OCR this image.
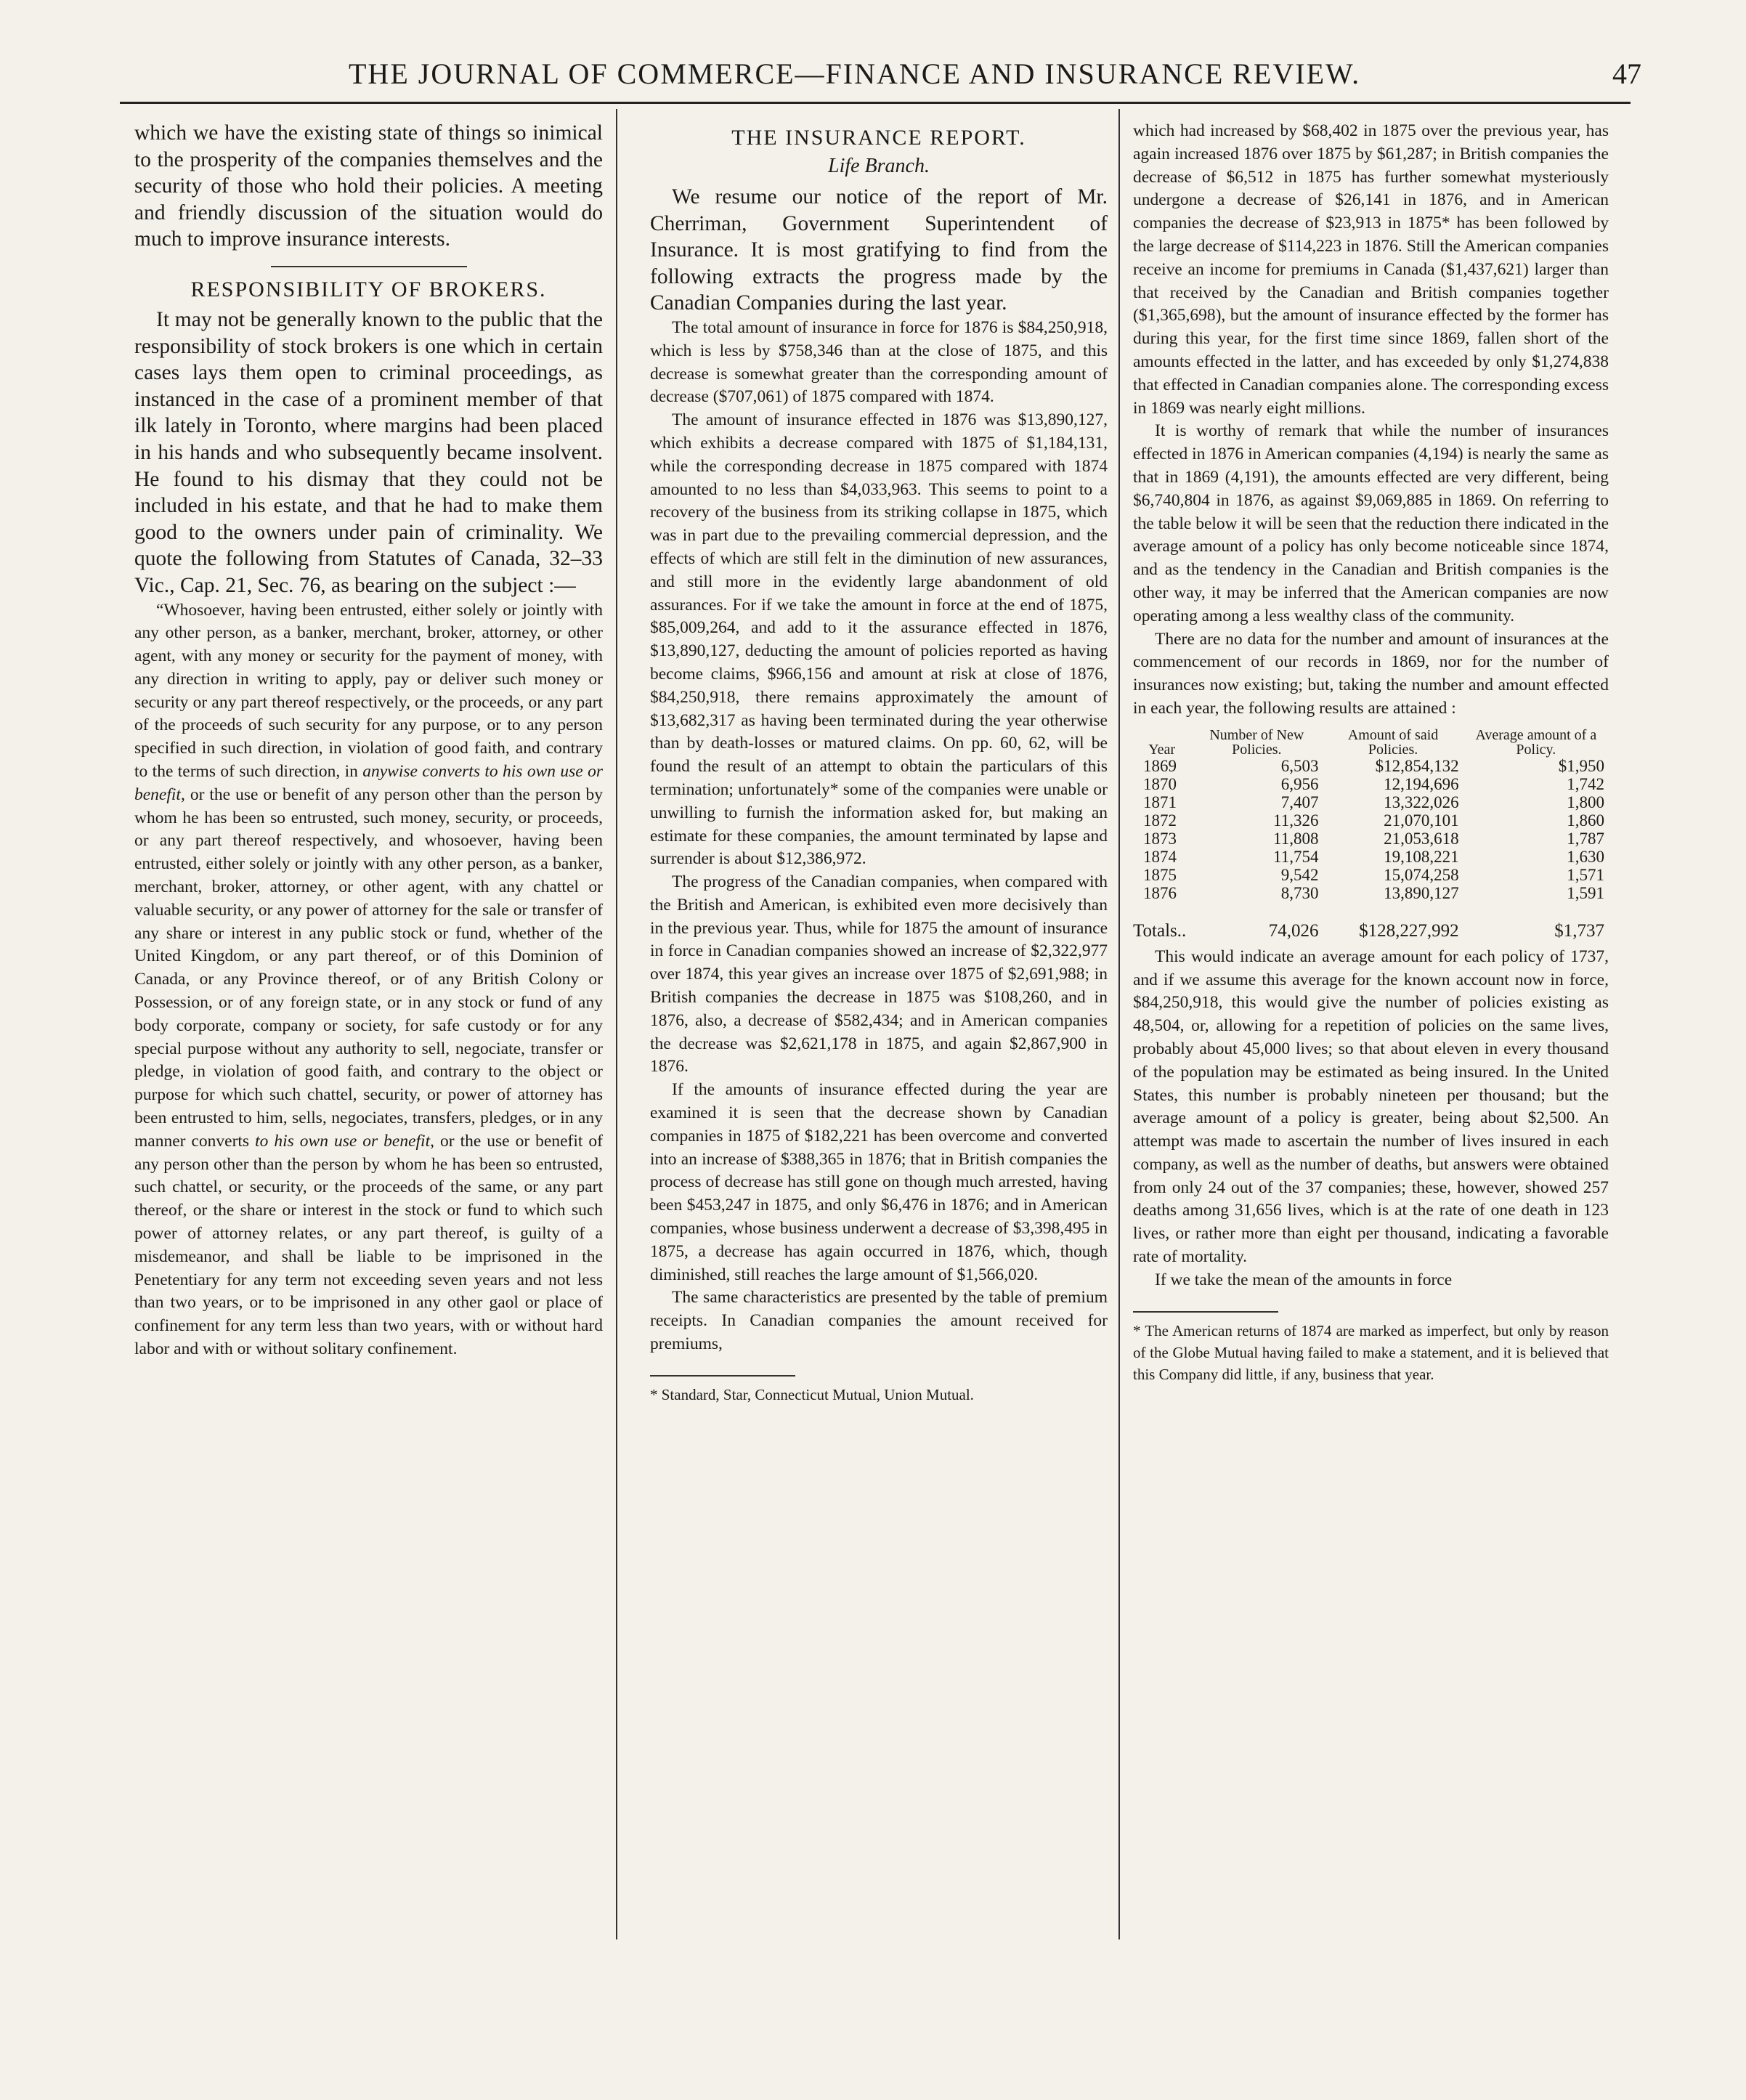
THE JOURNAL OF COMMERCE—FINANCE AND INSURANCE REVIEW.	47

which we have the existing state of things so inimical to the prosperity of the companies themselves and the security of those who hold their policies. A meeting and friendly discussion of the situation would do much to improve insurance interests.

RESPONSIBILITY OF BROKERS.

It may not be generally known to the public that the responsibility of stock brokers is one which in certain cases lays them open to criminal proceedings, as instanced in the case of a prominent member of that ilk lately in Toronto, where margins had been placed in his hands and who subsequently became insolvent. He found to his dismay that they could not be included in his estate, and that he had to make them good to the owners under pain of criminality. We quote the following from Statutes of Canada, 32–33 Vic., Cap. 21, Sec. 76, as bearing on the subject :—

“Whosoever, having been entrusted, either solely or jointly with any other person, as a banker, merchant, broker, attorney, or other agent, with any money or security for the payment of money, with any direction in writing to apply, pay or deliver such money or security or any part thereof respectively, or the proceeds, or any part of the proceeds of such security for any purpose, or to any person specified in such direction, in violation of good faith, and contrary to the terms of such direction, in anywise converts to his own use or benefit, or the use or benefit of any person other than the person by whom he has been so entrusted, such money, security, or proceeds, or any part thereof respectively, and whosoever, having been entrusted, either solely or jointly with any other person, as a banker, merchant, broker, attorney, or other agent, with any chattel or valuable security, or any power of attorney for the sale or transfer of any share or interest in any public stock or fund, whether of the United Kingdom, or any part thereof, or of this Dominion of Canada, or any Province thereof, or of any British Colony or Possession, or of any foreign state, or in any stock or fund of any body corporate, company or society, for safe custody or for any special purpose without any authority to sell, negociate, transfer or pledge, in violation of good faith, and contrary to the object or purpose for which such chattel, security, or power of attorney has been entrusted to him, sells, negociates, transfers, pledges, or in any manner converts to his own use or benefit, or the use or benefit of any person other than the person by whom he has been so entrusted, such chattel, or security, or the proceeds of the same, or any part thereof, or the share or interest in the stock or fund to which such power of attorney relates, or any part thereof, is guilty of a misdemeanor, and shall be liable to be imprisoned in the Penetentiary for any term not exceeding seven years and not less than two years, or to be imprisoned in any other gaol or place of confinement for any term less than two years, with or without hard labor and with or without solitary confinement.

THE INSURANCE REPORT.
Life Branch.

We resume our notice of the report of Mr. Cherriman, Government Superintendent of Insurance. It is most gratifying to find from the following extracts the progress made by the Canadian Companies during the last year.

The total amount of insurance in force for 1876 is $84,250,918, which is less by $758,346 than at the close of 1875, and this decrease is somewhat greater than the corresponding amount of decrease ($707,061) of 1875 compared with 1874.

The amount of insurance effected in 1876 was $13,890,127, which exhibits a decrease compared with 1875 of $1,184,131, while the corresponding decrease in 1875 compared with 1874 amounted to no less than $4,033,963. This seems to point to a recovery of the business from its striking collapse in 1875, which was in part due to the prevailing commercial depression, and the effects of which are still felt in the diminution of new assurances, and still more in the evidently large abandonment of old assurances. For if we take the amount in force at the end of 1875, $85,009,264, and add to it the assurance effected in 1876, $13,890,127, deducting the amount of policies reported as having become claims, $966,156 and amount at risk at close of 1876, $84,250,918, there remains approximately the amount of $13,682,317 as having been terminated during the year otherwise than by death-losses or matured claims. On pp. 60, 62, will be found the result of an attempt to obtain the particulars of this termination; unfortunately* some of the companies were unable or unwilling to furnish the information asked for, but making an estimate for these companies, the amount terminated by lapse and surrender is about $12,386,972.

The progress of the Canadian companies, when compared with the British and American, is exhibited even more decisively than in the previous year. Thus, while for 1875 the amount of insurance in force in Canadian companies showed an increase of $2,322,977 over 1874, this year gives an increase over 1875 of $2,691,988; in British companies the decrease in 1875 was $108,260, and in 1876, also, a decrease of $582,434; and in American companies the decrease was $2,621,178 in 1875, and again $2,867,900 in 1876.

If the amounts of insurance effected during the year are examined it is seen that the decrease shown by Canadian companies in 1875 of $182,221 has been overcome and converted into an increase of $388,365 in 1876; that in British companies the process of decrease has still gone on though much arrested, having been $453,247 in 1875, and only $6,476 in 1876; and in American companies, whose business underwent a decrease of $3,398,495 in 1875, a decrease has again occurred in 1876, which, though diminished, still reaches the large amount of $1,566,020.

The same characteristics are presented by the table of premium receipts. In Canadian companies the amount received for premiums,

* Standard, Star, Connecticut Mutual, Union Mutual.

which had increased by $68,402 in 1875 over the previous year, has again increased 1876 over 1875 by $61,287; in British companies the decrease of $6,512 in 1875 has further somewhat mysteriously undergone a decrease of $26,141 in 1876, and in American companies the decrease of $23,913 in 1875* has been followed by the large decrease of $114,223 in 1876. Still the American companies receive an income for premiums in Canada ($1,437,621) larger than that received by the Canadian and British companies together ($1,365,698), but the amount of insurance effected by the former has during this year, for the first time since 1869, fallen short of the amounts effected in the latter, and has exceeded by only $1,274,838 that effected in Canadian companies alone. The corresponding excess in 1869 was nearly eight millions.

It is worthy of remark that while the number of insurances effected in 1876 in American companies (4,194) is nearly the same as that in 1869 (4,191), the amounts effected are very different, being $6,740,804 in 1876, as against $9,069,885 in 1869. On referring to the table below it will be seen that the reduction there indicated in the average amount of a policy has only become noticeable since 1874, and as the tendency in the Canadian and British companies is the other way, it may be inferred that the American companies are now operating among a less wealthy class of the community.

There are no data for the number and amount of insurances at the commencement of our records in 1869, nor for the number of insurances now existing; but, taking the number and amount effected in each year, the following results are attained :

Year	Number of New Policies.	Amount of said Policies.	Average amount of a Policy.
1869	6,503	$12,854,132	$1,950
1870	6,956	12,194,696	1,742
1871	7,407	13,322,026	1,800
1872	11,326	21,070,101	1,860
1873	11,808	21,053,618	1,787
1874	11,754	19,108,221	1,630
1875	9,542	15,074,258	1,571
1876	8,730	13,890,127	1,591
Totals..	74,026	$128,227,992	$1,737

This would indicate an average amount for each policy of 1737, and if we assume this average for the known account now in force, $84,250,918, this would give the number of policies existing as 48,504, or, allowing for a repetition of policies on the same lives, probably about 45,000 lives; so that about eleven in every thousand of the population may be estimated as being insured. In the United States, this number is probably nineteen per thousand; but the average amount of a policy is greater, being about $2,500. An attempt was made to ascertain the number of lives insured in each company, as well as the number of deaths, but answers were obtained from only 24 out of the 37 companies; these, however, showed 257 deaths among 31,656 lives, which is at the rate of one death in 123 lives, or rather more than eight per thousand, indicating a favorable rate of mortality.

If we take the mean of the amounts in force

* The American returns of 1874 are marked as imperfect, but only by reason of the Globe Mutual having failed to make a statement, and it is believed that this Company did little, if any, business that year.
